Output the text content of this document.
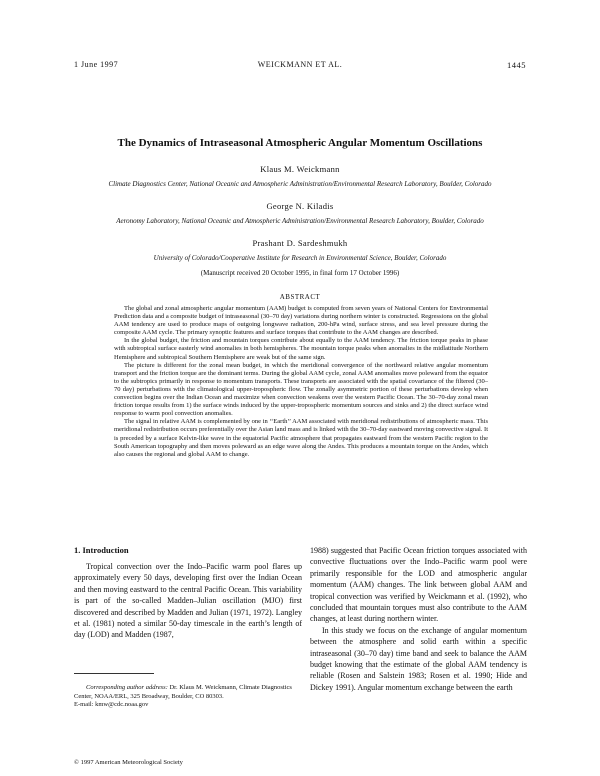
1 June 1997	WEICKMANN ET AL.	1445
The Dynamics of Intraseasonal Atmospheric Angular Momentum Oscillations
Klaus M. Weickmann
Climate Diagnostics Center, National Oceanic and Atmospheric Administration/Environmental Research Laboratory, Boulder, Colorado
George N. Kiladis
Aeronomy Laboratory, National Oceanic and Atmospheric Administration/Environmental Research Laboratory, Boulder, Colorado
Prashant D. Sardeshmukh
University of Colorado/Cooperative Institute for Research in Environmental Science, Boulder, Colorado
(Manuscript received 20 October 1995, in final form 17 October 1996)
ABSTRACT

The global and zonal atmospheric angular momentum (AAM) budget is computed from seven years of National Centers for Environmental Prediction data and a composite budget of intraseasonal (30–70 day) variations during northern winter is constructed. Regressions on the global AAM tendency are used to produce maps of outgoing longwave radiation, 200-hPa wind, surface stress, and sea level pressure during the composite AAM cycle. The primary synoptic features and surface torques that contribute to the AAM changes are described.

In the global budget, the friction and mountain torques contribute about equally to the AAM tendency. The friction torque peaks in phase with subtropical surface easterly wind anomalies in both hemispheres. The mountain torque peaks when anomalies in the midlatitude Northern Hemisphere and subtropical Southern Hemisphere are weak but of the same sign.

The picture is different for the zonal mean budget, in which the meridional convergence of the northward relative angular momentum transport and the friction torque are the dominant terms. During the global AAM cycle, zonal AAM anomalies move poleward from the equator to the subtropics primarily in response to momentum transports. These transports are associated with the spatial covariance of the filtered (30–70 day) perturbations with the climatological upper-tropospheric flow. The zonally asymmetric portion of these perturbations develop when convection begins over the Indian Ocean and maximize when convection weakens over the western Pacific Ocean. The 30–70-day zonal mean friction torque results from 1) the surface winds induced by the upper-tropospheric momentum sources and sinks and 2) the direct surface wind response to warm pool convection anomalies.

The signal in relative AAM is complemented by one in ‘‘Earth’’ AAM associated with meridional redistributions of atmospheric mass. This meridional redistribution occurs preferentially over the Asian land mass and is linked with the 30–70-day eastward moving convective signal. It is preceded by a surface Kelvin-like wave in the equatorial Pacific atmosphere that propagates eastward from the western Pacific region to the South American topography and then moves poleward as an edge wave along the Andes. This produces a mountain torque on the Andes, which also causes the regional and global AAM to change.

1. Introduction

Tropical convection over the Indo–Pacific warm pool flares up approximately every 50 days, developing first over the Indian Ocean and then moving eastward to the central Pacific Ocean. This variability is part of the so-called Madden–Julian oscillation (MJO) first discovered and described by Madden and Julian (1971, 1972). Langley et al. (1981) noted a similar 50-day timescale in the earth’s length of day (LOD) and Madden (1987,

1988) suggested that Pacific Ocean friction torques associated with convective fluctuations over the Indo–Pacific warm pool were primarily responsible for the LOD and atmospheric angular momentum (AAM) changes. The link between global AAM and tropical convection was verified by Weickmann et al. (1992), who concluded that mountain torques must also contribute to the AAM changes, at least during northern winter.

In this study we focus on the exchange of angular momentum between the atmosphere and solid earth within a specific intraseasonal (30–70 day) time band and seek to balance the AAM budget knowing that the estimate of the global AAM tendency is reliable (Rosen and Salstein 1983; Rosen et al. 1990; Hide and Dickey 1991). Angular momentum exchange between the earth

Corresponding author address: Dr. Klaus M. Weickmann, Climate Diagnostics Center, NOAA/ERL, 325 Broadway, Boulder, CO 80303.
E-mail: kmw@cdc.noaa.gov
© 1997 American Meteorological Society
